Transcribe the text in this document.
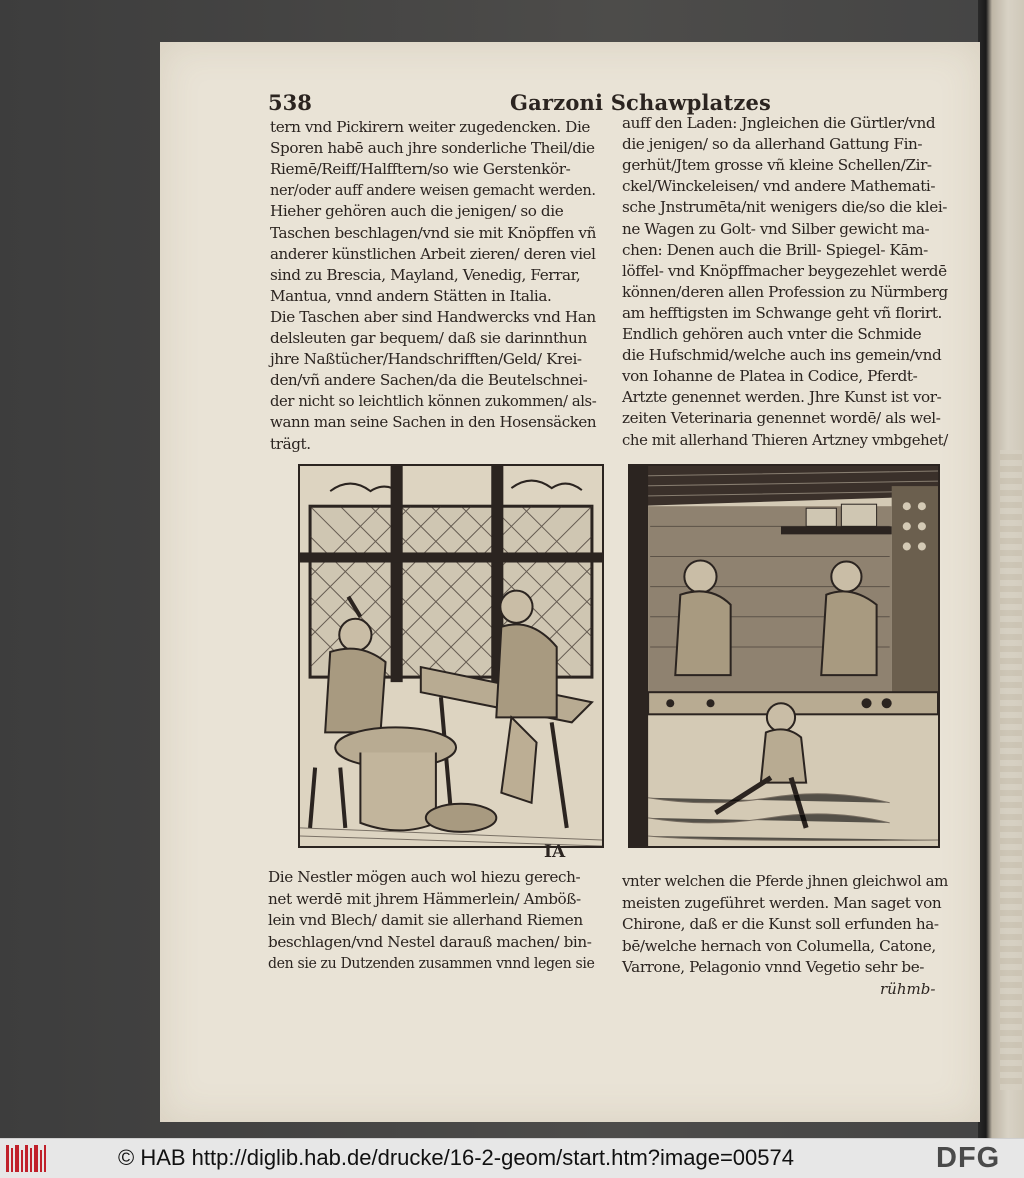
538	Garzoni Schawplatzes
tern vnd Pickirern weiter zugedencken. Die
Sporen habē auch jhre sonderliche Theil/die
Riemē/Reiff/Halfftern/so wie Gerstenkör-
ner/oder auff andere weisen gemacht werden.
Hieher gehören auch die jenigen/ so die
Taschen beschlagen/vnd sie mit Knöpffen vñ
anderer künstlichen Arbeit zieren/ deren viel
sind zu Brescia, Mayland, Venedig, Ferrar,
Mantua, vnnd andern Stätten in Italia.
Die Taschen aber sind Handwercks vnd Han
delsleuten gar bequem/ daß sie darinnthun
jhre Naßtücher/Handschrifften/Geld/ Krei-
den/vñ andere Sachen/da die Beutelschnei-
der nicht so leichtlich können zukommen/ als-
wann man seine Sachen in den Hosensäcken
trägt.
auff den Laden: Jngleichen die Gürtler/vnd
die jenigen/ so da allerhand Gattung Fin-
gerhüt/Jtem grosse vñ kleine Schellen/Zir-
ckel/Winckeleisen/ vnd andere Mathemati-
sche Jnstrumēta/nit wenigers die/so die klei-
ne Wagen zu Golt- vnd Silber gewicht ma-
chen: Denen auch die Brill- Spiegel- Kām-
löffel- vnd Knöpffmacher beygezehlet werdē
können/deren allen Profession zu Nürmberg
am hefftigsten im Schwange geht vñ florirt.
Endlich gehören auch vnter die Schmide
die Hufschmid/welche auch ins gemein/vnd
von Iohanne de Platea in Codice, Pferdt-
Artzte genennet werden. Jhre Kunst ist vor-
zeiten Veterinaria genennet wordē/ als wel-
che mit allerhand Thieren Artzney vmbgehet/
IA
Die Nestler mögen auch wol hiezu gerech-
net werdē mit jhrem Hämmerlein/ Amböß-
lein vnd Blech/ damit sie allerhand Riemen
beschlagen/vnd Nestel darauß machen/ bin-
den sie zu Dutzenden zusammen vnnd legen sie
vnter welchen die Pferde jhnen gleichwol am
meisten zugeführet werden. Man saget von
Chirone, daß er die Kunst soll erfunden ha-
bē/welche hernach von Columella, Catone,
Varrone, Pelagonio vnnd Vegetio sehr be-
rühmb-
© HAB http://diglib.hab.de/drucke/16-2-geom/start.htm?image=00574	DFG
